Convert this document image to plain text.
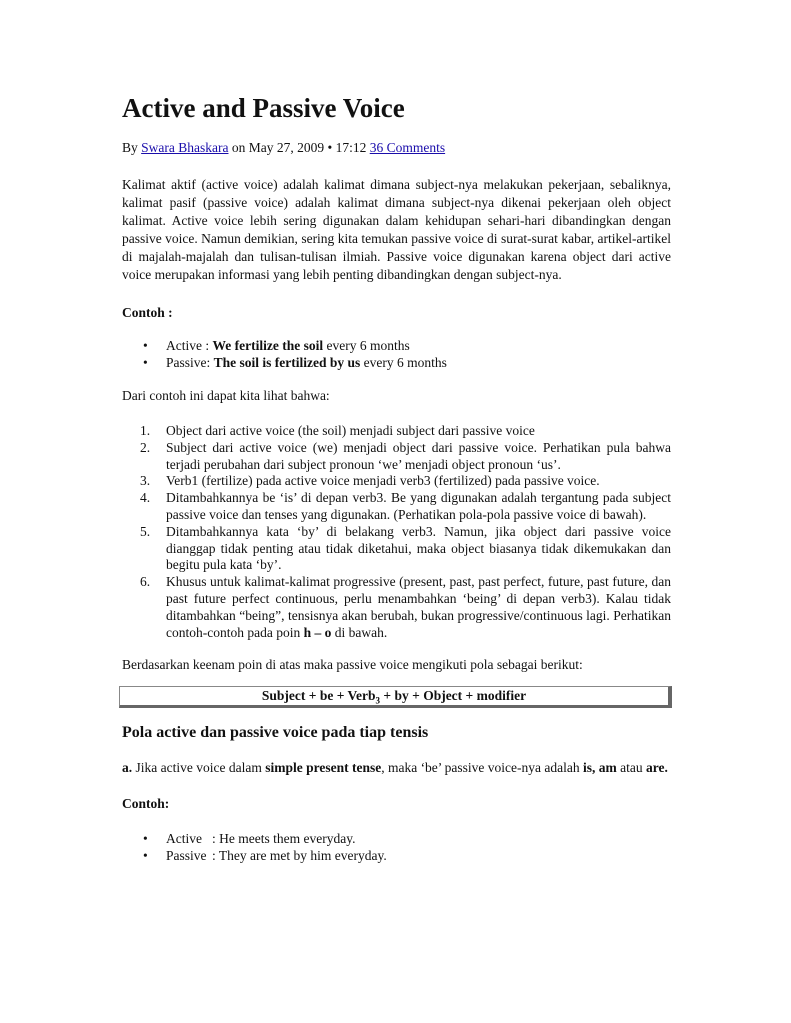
Active and Passive Voice
By Swara Bhaskara on May 27, 2009 • 17:12 36 Comments

Kalimat aktif (active voice) adalah kalimat dimana subject-nya melakukan pekerjaan, sebaliknya, kalimat pasif (passive voice) adalah kalimat dimana subject-nya dikenai pekerjaan oleh object kalimat. Active voice lebih sering digunakan dalam kehidupan sehari-hari dibandingkan dengan passive voice. Namun demikian, sering kita temukan passive voice di surat-surat kabar, artikel-artikel di majalah-majalah dan tulisan-tulisan ilmiah. Passive voice digunakan karena object dari active voice merupakan informasi yang lebih penting dibandingkan dengan subject-nya.

Contoh :

• Active : We fertilize the soil every 6 months
• Passive: The soil is fertilized by us every 6 months

Dari contoh ini dapat kita lihat bahwa:

1. Object dari active voice (the soil) menjadi subject dari passive voice
2. Subject dari active voice (we) menjadi object dari passive voice. Perhatikan pula bahwa terjadi perubahan dari subject pronoun ‘we’ menjadi object pronoun ‘us’.
3. Verb1 (fertilize) pada active voice menjadi verb3 (fertilized) pada passive voice.
4. Ditambahkannya be ‘is’ di depan verb3. Be yang digunakan adalah tergantung pada subject passive voice dan tenses yang digunakan. (Perhatikan pola-pola passive voice di bawah).
5. Ditambahkannya kata ‘by’ di belakang verb3. Namun, jika object dari passive voice dianggap tidak penting atau tidak diketahui, maka object biasanya tidak dikemukakan dan begitu pula kata ‘by’.
6. Khusus untuk kalimat-kalimat progressive (present, past, past perfect, future, past future, dan past future perfect continuous, perlu menambahkan ‘being’ di depan verb3). Kalau tidak ditambahkan “being”, tensisnya akan berubah, bukan progressive/continuous lagi. Perhatikan contoh-contoh pada poin h – o di bawah.

Berdasarkan keenam poin di atas maka passive voice mengikuti pola sebagai berikut:

Subject + be + Verb$_3$ + by + Object + modifier
Pola active dan passive voice pada tiap tensis

a. Jika active voice dalam simple present tense, maka ‘be’ passive voice-nya adalah is, am atau are.

Contoh:

• Active : He meets them everyday.
• Passive : They are met by him everyday.
